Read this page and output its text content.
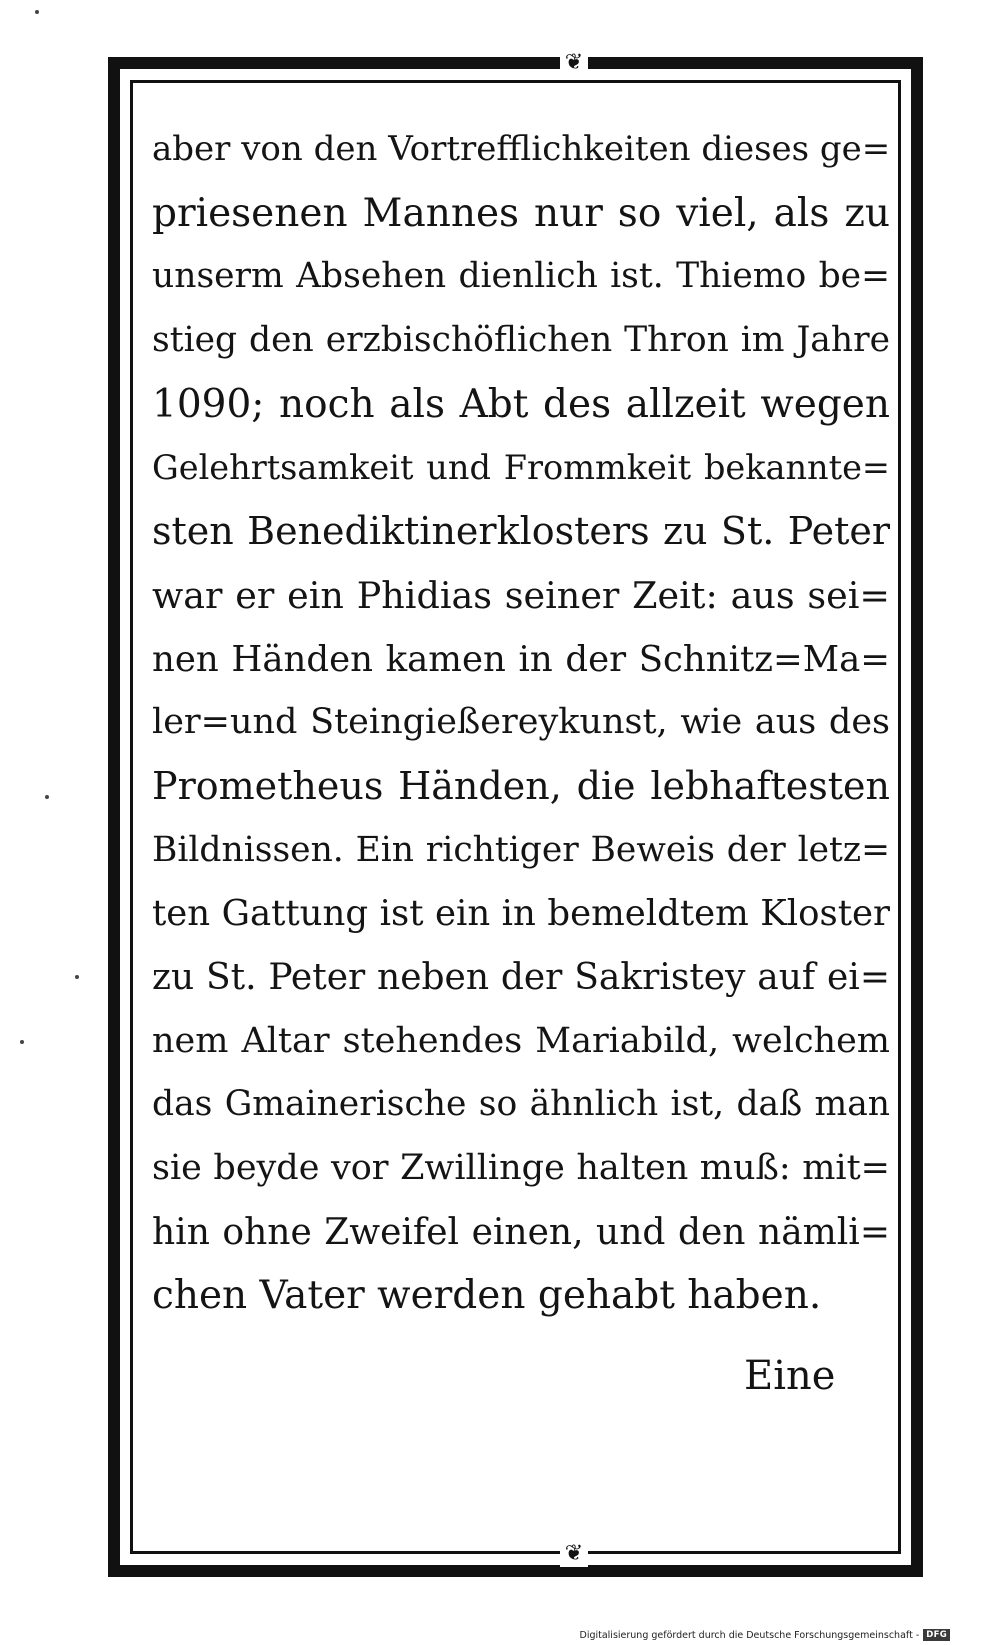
❦
❦
aber von den Vortrefflichkeiten dieses ge=
priesenen Mannes nur so viel, als zu
unserm Absehen dienlich ist. Thiemo be=
stieg den erzbischöflichen Thron im Jahre
1090; noch als Abt des allzeit wegen
Gelehrtsamkeit und Frommkeit bekannte=
sten Benediktinerklosters zu St. Peter
war er ein Phidias seiner Zeit: aus sei=
nen Händen kamen in der Schnitz=Ma=
ler=und Steingießereykunst, wie aus des
Prometheus Händen, die lebhaftesten
Bildnissen. Ein richtiger Beweis der letz=
ten Gattung ist ein in bemeldtem Kloster
zu St. Peter neben der Sakristey auf ei=
nem Altar stehendes Mariabild, welchem
das Gmainerische so ähnlich ist, daß man
sie beyde vor Zwillinge halten muß: mit=
hin ohne Zweifel einen, und den nämli=
chen Vater werden gehabt haben.
Eine
Digitalisierung gefördert durch die Deutsche Forschungsgemeinschaft - DFG
